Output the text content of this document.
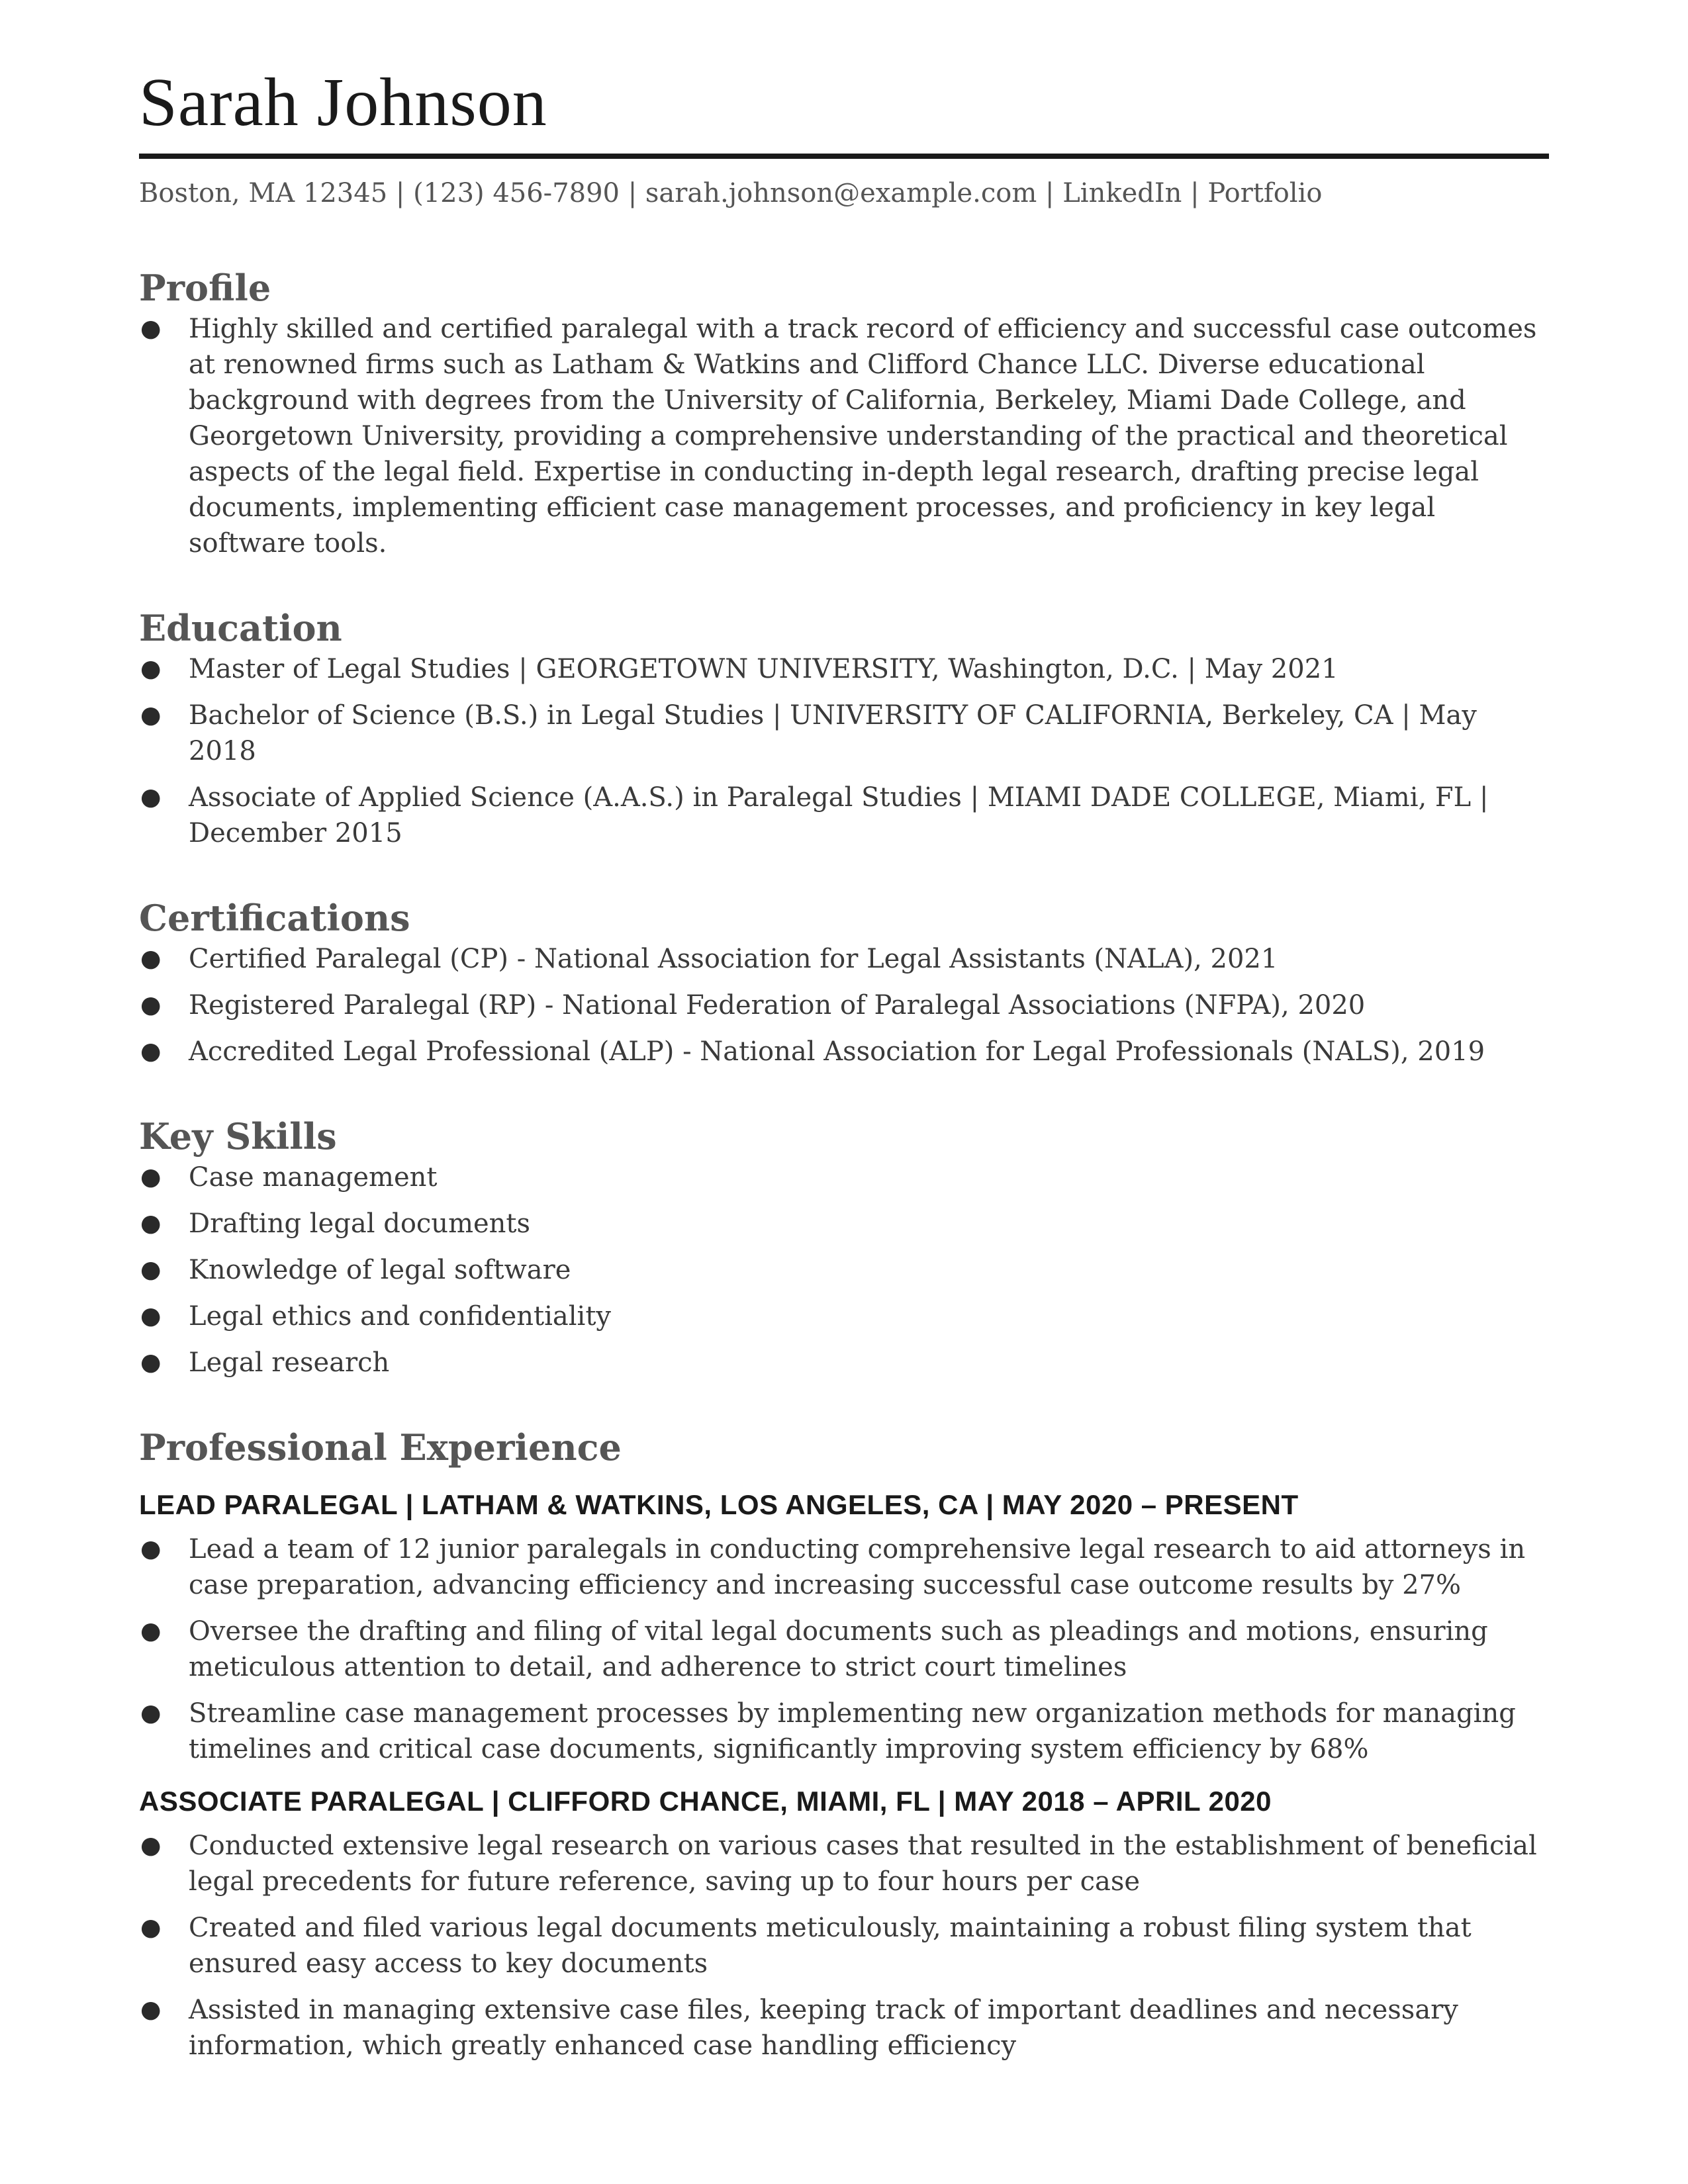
Sarah Johnson
Boston, MA 12345 | (123) 456-7890 | sarah.johnson@example.com | LinkedIn | Portfolio
Profile
● Highly skilled and certified paralegal with a track record of efficiency and successful case outcomes at renowned firms such as Latham & Watkins and Clifford Chance LLC. Diverse educational background with degrees from the University of California, Berkeley, Miami Dade College, and Georgetown University, providing a comprehensive understanding of the practical and theoretical aspects of the legal field. Expertise in conducting in-depth legal research, drafting precise legal documents, implementing efficient case management processes, and proficiency in key legal software tools.
Education
● Master of Legal Studies | GEORGETOWN UNIVERSITY, Washington, D.C. | May 2021
● Bachelor of Science (B.S.) in Legal Studies | UNIVERSITY OF CALIFORNIA, Berkeley, CA | May 2018
● Associate of Applied Science (A.A.S.) in Paralegal Studies | MIAMI DADE COLLEGE, Miami, FL | December 2015
Certifications
● Certified Paralegal (CP) - National Association for Legal Assistants (NALA), 2021
● Registered Paralegal (RP) - National Federation of Paralegal Associations (NFPA), 2020
● Accredited Legal Professional (ALP) - National Association for Legal Professionals (NALS), 2019
Key Skills
● Case management
● Drafting legal documents
● Knowledge of legal software
● Legal ethics and confidentiality
● Legal research
Professional Experience
LEAD PARALEGAL | LATHAM & WATKINS, LOS ANGELES, CA | MAY 2020 – PRESENT
● Lead a team of 12 junior paralegals in conducting comprehensive legal research to aid attorneys in case preparation, advancing efficiency and increasing successful case outcome results by 27%
● Oversee the drafting and filing of vital legal documents such as pleadings and motions, ensuring meticulous attention to detail, and adherence to strict court timelines
● Streamline case management processes by implementing new organization methods for managing timelines and critical case documents, significantly improving system efficiency by 68%
ASSOCIATE PARALEGAL | CLIFFORD CHANCE, MIAMI, FL | MAY 2018 – APRIL 2020
● Conducted extensive legal research on various cases that resulted in the establishment of beneficial legal precedents for future reference, saving up to four hours per case
● Created and filed various legal documents meticulously, maintaining a robust filing system that ensured easy access to key documents
● Assisted in managing extensive case files, keeping track of important deadlines and necessary information, which greatly enhanced case handling efficiency
